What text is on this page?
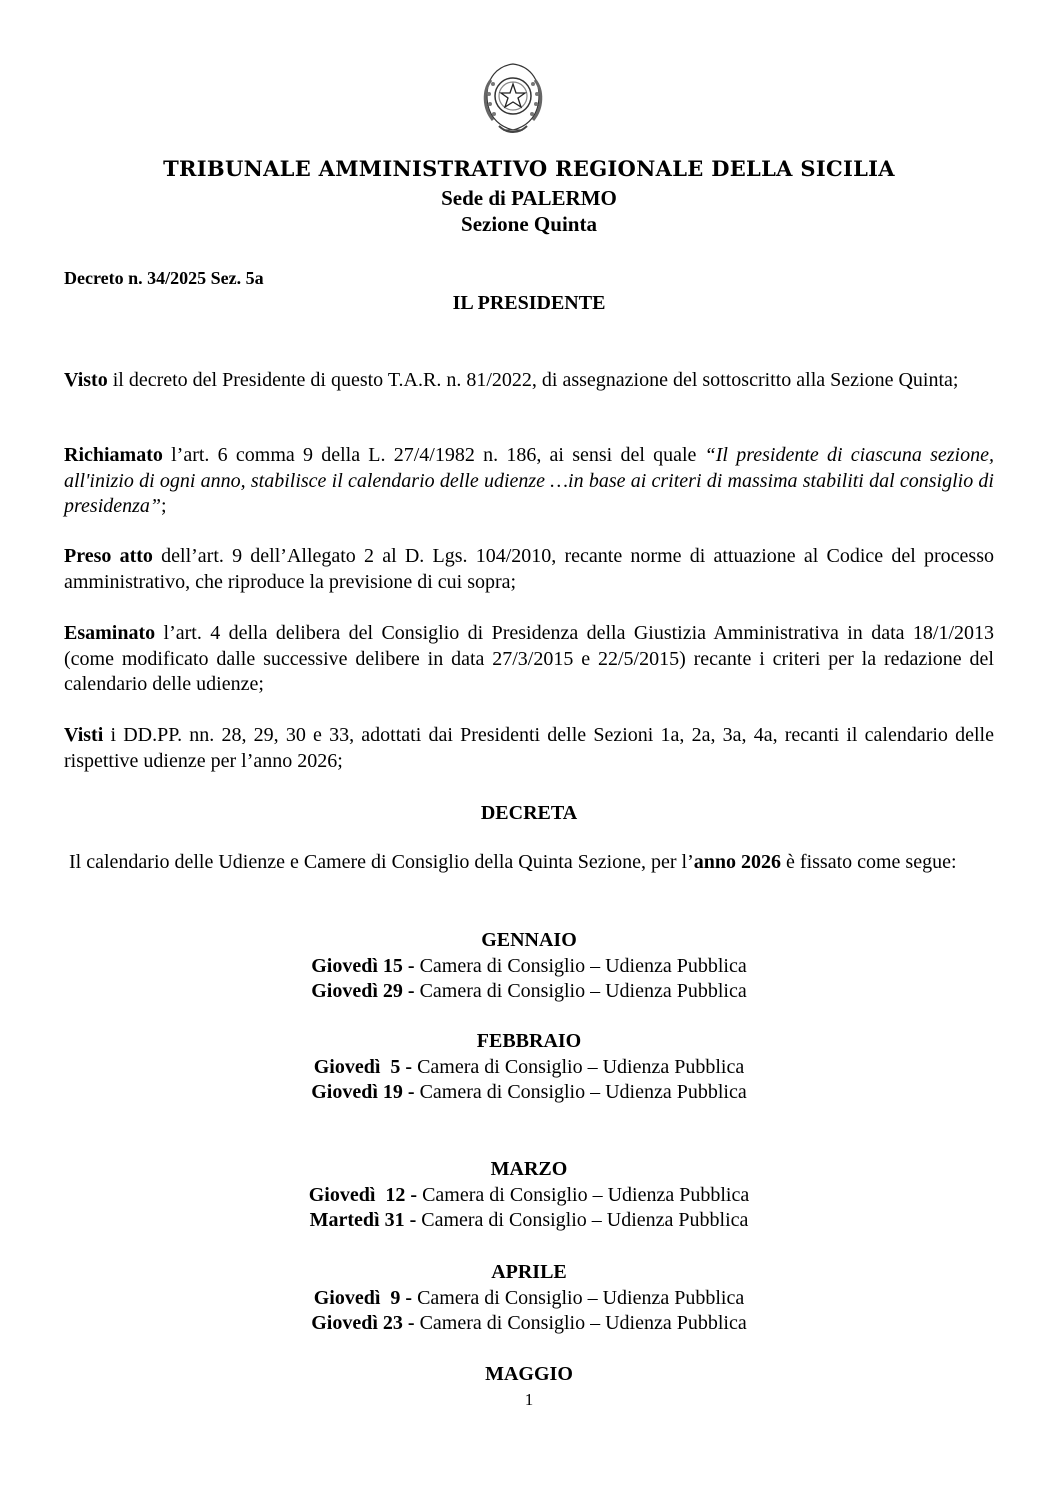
TRIBUNALE AMMINISTRATIVO REGIONALE DELLA SICILIA
Sede di PALERMO
Sezione Quinta
Decreto n. 34/2025 Sez. 5a
IL PRESIDENTE
Visto il decreto del Presidente di questo T.A.R. n. 81/2022, di assegnazione del sottoscritto alla Sezione Quinta;
Richiamato l’art. 6 comma 9 della L. 27/4/1982 n. 186, ai sensi del quale “Il presidente di ciascuna sezione, all'inizio di ogni anno, stabilisce il calendario delle udienze …in base ai criteri di massima stabiliti dal consiglio di presidenza”;
Preso atto dell’art. 9 dell’Allegato 2 al D. Lgs. 104/2010, recante norme di attuazione al Codice del processo amministrativo, che riproduce la previsione di cui sopra;
Esaminato l’art. 4 della delibera del Consiglio di Presidenza della Giustizia Amministrativa in data 18/1/2013 (come modificato dalle successive delibere in data 27/3/2015 e 22/5/2015) recante i criteri per la redazione del calendario delle udienze;
Visti i DD.PP. nn. 28, 29, 30 e 33, adottati dai Presidenti delle Sezioni 1a, 2a, 3a, 4a, recanti il calendario delle rispettive udienze per l’anno 2026;
DECRETA
Il calendario delle Udienze e Camere di Consiglio della Quinta Sezione, per l’anno 2026 è fissato come segue:
GENNAIO
Giovedì 15 - Camera di Consiglio – Udienza Pubblica
Giovedì 29 - Camera di Consiglio – Udienza Pubblica
FEBBRAIO
Giovedì  5 - Camera di Consiglio – Udienza Pubblica
Giovedì 19 - Camera di Consiglio – Udienza Pubblica
MARZO
Giovedì  12 - Camera di Consiglio – Udienza Pubblica
Martedì 31 - Camera di Consiglio – Udienza Pubblica
APRILE
Giovedì  9 - Camera di Consiglio – Udienza Pubblica
Giovedì 23 - Camera di Consiglio – Udienza Pubblica
MAGGIO
1
